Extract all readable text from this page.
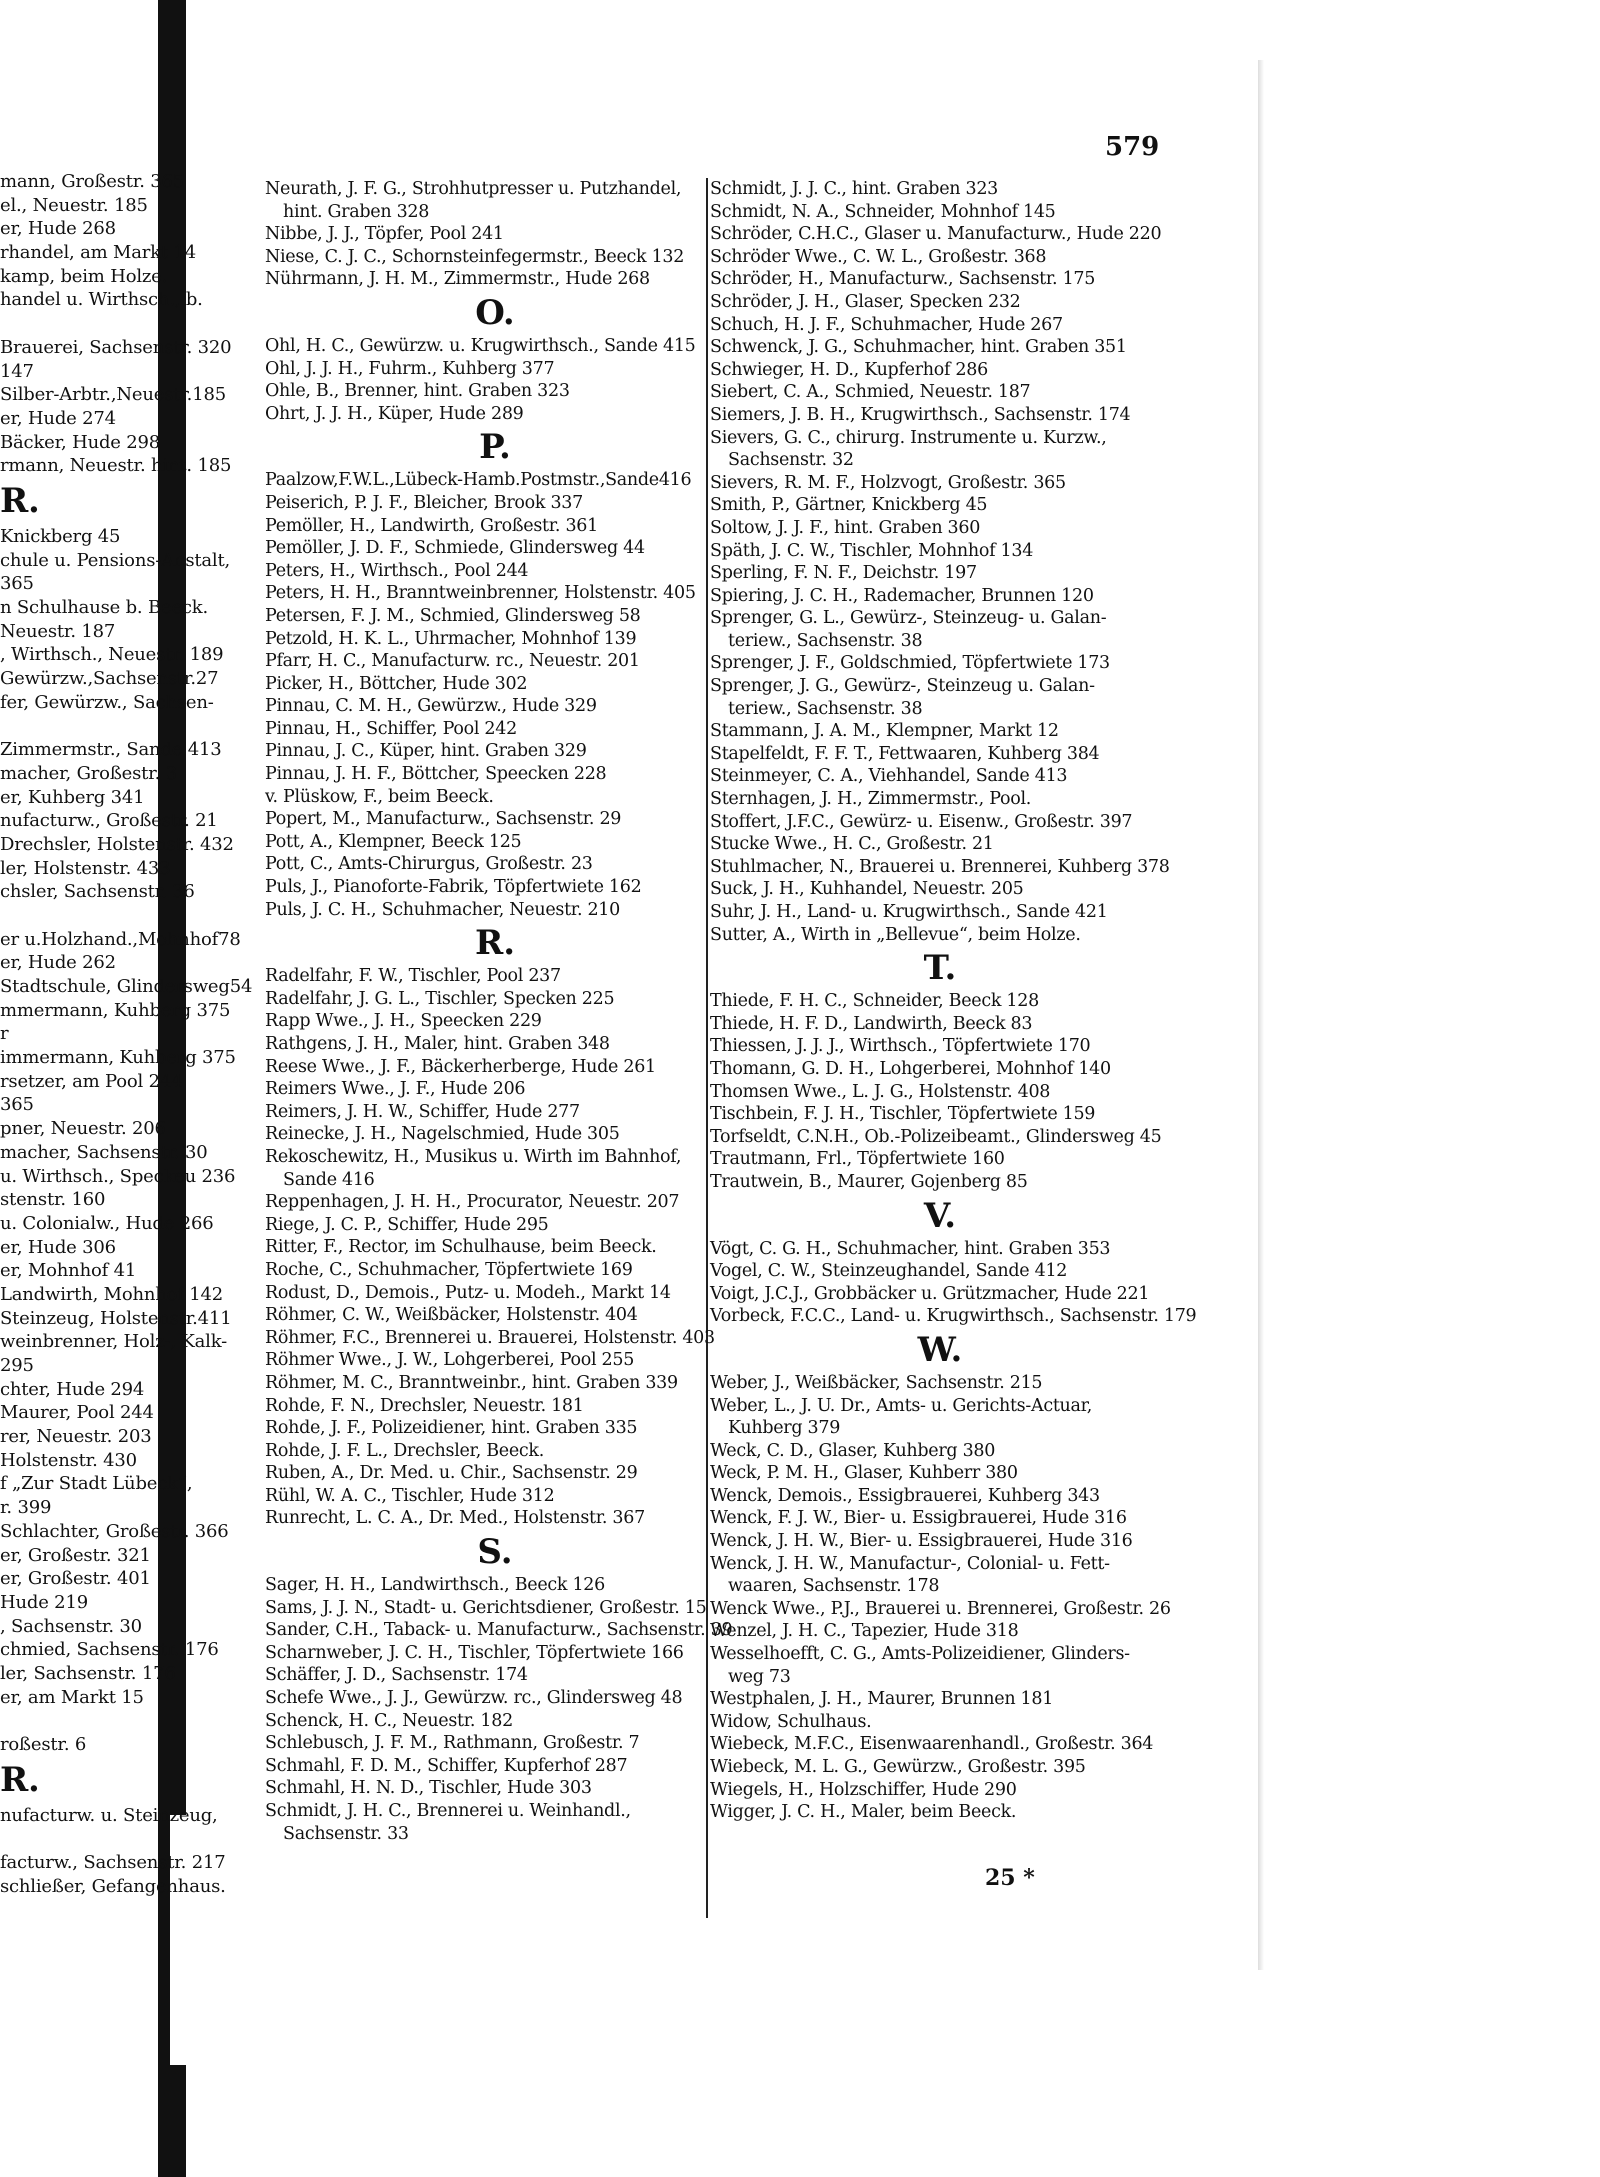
mann, Großestr. 365
el., Neuestr. 185
er, Hude 268
rhandel, am Markt 14
kamp, beim Holze.
handel u. Wirthsch., b.
Brauerei, Sachsenstr. 320
147
Silber-Arbtr.,Neuestr.185
er, Hude 274
Bäcker, Hude 298
rmann, Neuestr. hint. 185
R.
Knickberg 45
chule u. Pensions-Anstalt,
365
n Schulhause b. Beeck.
Neuestr. 187
, Wirthsch., Neuestr. 189
Gewürzw.,Sachsenstr.27
fer, Gewürzw., Sachsen-
Zimmermstr., Sande 413
macher, Großestr. 3
er, Kuhberg 341
nufacturw., Großestr. 21
Drechsler, Holstenstr. 432
ler, Holstenstr. 433
chsler, Sachsenstr. 36
er u.Holzhand.,Mohnhof78
er, Hude 262
Stadtschule, Glindersweg54
mmermann, Kuhberg 375
r
immermann, Kuhberg 375
rsetzer, am Pool 244
365
pner, Neuestr. 206
macher, Sachsenstr. 30
u. Wirthsch., Speckeu 236
stenstr. 160
u. Colonialw., Hude 266
er, Hude 306
er, Mohnhof 41
Landwirth, Mohnhof 142
Steinzeug, Holstenstr.411
weinbrenner, Holz-, Kalk-
295
chter, Hude 294
Maurer, Pool 244
rer, Neuestr. 203
Holstenstr. 430
f „Zur Stadt Lübeck“,
r. 399
Schlachter, Großestr. 366
er, Großestr. 321
er, Großestr. 401
Hude 219
, Sachsenstr. 30
chmied, Sachsenstr. 176
ler, Sachsenstr. 176
er, am Markt 15
roßestr. 6
R.
nufacturw. u. Steinzeug,
facturw., Sachsenstr. 217
schließer, Gefangenhaus.
579
Neurath, J. F. G., Strohhutpresser u. Putzhandel,
hint. Graben 328
Nibbe, J. J., Töpfer, Pool 241
Niese, C. J. C., Schornsteinfegermstr., Beeck 132
Nührmann, J. H. M., Zimmermstr., Hude 268
O.
Ohl, H. C., Gewürzw. u. Krugwirthsch., Sande 415
Ohl, J. J. H., Fuhrm., Kuhberg 377
Ohle, B., Brenner, hint. Graben 323
Ohrt, J. J. H., Küper, Hude 289
P.
Paalzow,F.W.L.,Lübeck-Hamb.Postmstr.,Sande416
Peiserich, P. J. F., Bleicher, Brook 337
Pemöller, H., Landwirth, Großestr. 361
Pemöller, J. D. F., Schmiede, Glindersweg 44
Peters, H., Wirthsch., Pool 244
Peters, H. H., Branntweinbrenner, Holstenstr. 405
Petersen, F. J. M., Schmied, Glindersweg 58
Petzold, H. K. L., Uhrmacher, Mohnhof 139
Pfarr, H. C., Manufacturw. rc., Neuestr. 201
Picker, H., Böttcher, Hude 302
Pinnau, C. M. H., Gewürzw., Hude 329
Pinnau, H., Schiffer, Pool 242
Pinnau, J. C., Küper, hint. Graben 329
Pinnau, J. H. F., Böttcher, Speecken 228
v. Plüskow, F., beim Beeck.
Popert, M., Manufacturw., Sachsenstr. 29
Pott, A., Klempner, Beeck 125
Pott, C., Amts-Chirurgus, Großestr. 23
Puls, J., Pianoforte-Fabrik, Töpfertwiete 162
Puls, J. C. H., Schuhmacher, Neuestr. 210
R.
Radelfahr, F. W., Tischler, Pool 237
Radelfahr, J. G. L., Tischler, Specken 225
Rapp Wwe., J. H., Speecken 229
Rathgens, J. H., Maler, hint. Graben 348
Reese Wwe., J. F., Bäckerherberge, Hude 261
Reimers Wwe., J. F., Hude 206
Reimers, J. H. W., Schiffer, Hude 277
Reinecke, J. H., Nagelschmied, Hude 305
Rekoschewitz, H., Musikus u. Wirth im Bahnhof,
Sande 416
Reppenhagen, J. H. H., Procurator, Neuestr. 207
Riege, J. C. P., Schiffer, Hude 295
Ritter, F., Rector, im Schulhause, beim Beeck.
Roche, C., Schuhmacher, Töpfertwiete 169
Rodust, D., Demois., Putz- u. Modeh., Markt 14
Röhmer, C. W., Weißbäcker, Holstenstr. 404
Röhmer, F.C., Brennerei u. Brauerei, Holstenstr. 403
Röhmer Wwe., J. W., Lohgerberei, Pool 255
Röhmer, M. C., Branntweinbr., hint. Graben 339
Rohde, F. N., Drechsler, Neuestr. 181
Rohde, J. F., Polizeidiener, hint. Graben 335
Rohde, J. F. L., Drechsler, Beeck.
Ruben, A., Dr. Med. u. Chir., Sachsenstr. 29
Rühl, W. A. C., Tischler, Hude 312
Runrecht, L. C. A., Dr. Med., Holstenstr. 367
S.
Sager, H. H., Landwirthsch., Beeck 126
Sams, J. J. N., Stadt- u. Gerichtsdiener, Großestr. 15
Sander, C.H., Taback- u. Manufacturw., Sachsenstr. 39
Scharnweber, J. C. H., Tischler, Töpfertwiete 166
Schäffer, J. D., Sachsenstr. 174
Schefe Wwe., J. J., Gewürzw. rc., Glindersweg 48
Schenck, H. C., Neuestr. 182
Schlebusch, J. F. M., Rathmann, Großestr. 7
Schmahl, F. D. M., Schiffer, Kupferhof 287
Schmahl, H. N. D., Tischler, Hude 303
Schmidt, J. H. C., Brennerei u. Weinhandl.,
Sachsenstr. 33
Schmidt, J. J. C., hint. Graben 323
Schmidt, N. A., Schneider, Mohnhof 145
Schröder, C.H.C., Glaser u. Manufacturw., Hude 220
Schröder Wwe., C. W. L., Großestr. 368
Schröder, H., Manufacturw., Sachsenstr. 175
Schröder, J. H., Glaser, Specken 232
Schuch, H. J. F., Schuhmacher, Hude 267
Schwenck, J. G., Schuhmacher, hint. Graben 351
Schwieger, H. D., Kupferhof 286
Siebert, C. A., Schmied, Neuestr. 187
Siemers, J. B. H., Krugwirthsch., Sachsenstr. 174
Sievers, G. C., chirurg. Instrumente u. Kurzw.,
Sachsenstr. 32
Sievers, R. M. F., Holzvogt, Großestr. 365
Smith, P., Gärtner, Knickberg 45
Soltow, J. J. F., hint. Graben 360
Späth, J. C. W., Tischler, Mohnhof 134
Sperling, F. N. F., Deichstr. 197
Spiering, J. C. H., Rademacher, Brunnen 120
Sprenger, G. L., Gewürz-, Steinzeug- u. Galan-
teriew., Sachsenstr. 38
Sprenger, J. F., Goldschmied, Töpfertwiete 173
Sprenger, J. G., Gewürz-, Steinzeug u. Galan-
teriew., Sachsenstr. 38
Stammann, J. A. M., Klempner, Markt 12
Stapelfeldt, F. F. T., Fettwaaren, Kuhberg 384
Steinmeyer, C. A., Viehhandel, Sande 413
Sternhagen, J. H., Zimmermstr., Pool.
Stoffert, J.F.C., Gewürz- u. Eisenw., Großestr. 397
Stucke Wwe., H. C., Großestr. 21
Stuhlmacher, N., Brauerei u. Brennerei, Kuhberg 378
Suck, J. H., Kuhhandel, Neuestr. 205
Suhr, J. H., Land- u. Krugwirthsch., Sande 421
Sutter, A., Wirth in „Bellevue“, beim Holze.
T.
Thiede, F. H. C., Schneider, Beeck 128
Thiede, H. F. D., Landwirth, Beeck 83
Thiessen, J. J. J., Wirthsch., Töpfertwiete 170
Thomann, G. D. H., Lohgerberei, Mohnhof 140
Thomsen Wwe., L. J. G., Holstenstr. 408
Tischbein, F. J. H., Tischler, Töpfertwiete 159
Torfseldt, C.N.H., Ob.-Polizeibeamt., Glindersweg 45
Trautmann, Frl., Töpfertwiete 160
Trautwein, B., Maurer, Gojenberg 85
V.
Vögt, C. G. H., Schuhmacher, hint. Graben 353
Vogel, C. W., Steinzeughandel, Sande 412
Voigt, J.C.J., Grobbäcker u. Grützmacher, Hude 221
Vorbeck, F.C.C., Land- u. Krugwirthsch., Sachsenstr. 179
W.
Weber, J., Weißbäcker, Sachsenstr. 215
Weber, L., J. U. Dr., Amts- u. Gerichts-Actuar,
Kuhberg 379
Weck, C. D., Glaser, Kuhberg 380
Weck, P. M. H., Glaser, Kuhberr 380
Wenck, Demois., Essigbrauerei, Kuhberg 343
Wenck, F. J. W., Bier- u. Essigbrauerei, Hude 316
Wenck, J. H. W., Bier- u. Essigbrauerei, Hude 316
Wenck, J. H. W., Manufactur-, Colonial- u. Fett-
waaren, Sachsenstr. 178
Wenck Wwe., P.J., Brauerei u. Brennerei, Großestr. 26
Wenzel, J. H. C., Tapezier, Hude 318
Wesselhoefft, C. G., Amts-Polizeidiener, Glinders-
weg 73
Westphalen, J. H., Maurer, Brunnen 181
Widow, Schulhaus.
Wiebeck, M.F.C., Eisenwaarenhandl., Großestr. 364
Wiebeck, M. L. G., Gewürzw., Großestr. 395
Wiegels, H., Holzschiffer, Hude 290
Wigger, J. C. H., Maler, beim Beeck.
25 *
